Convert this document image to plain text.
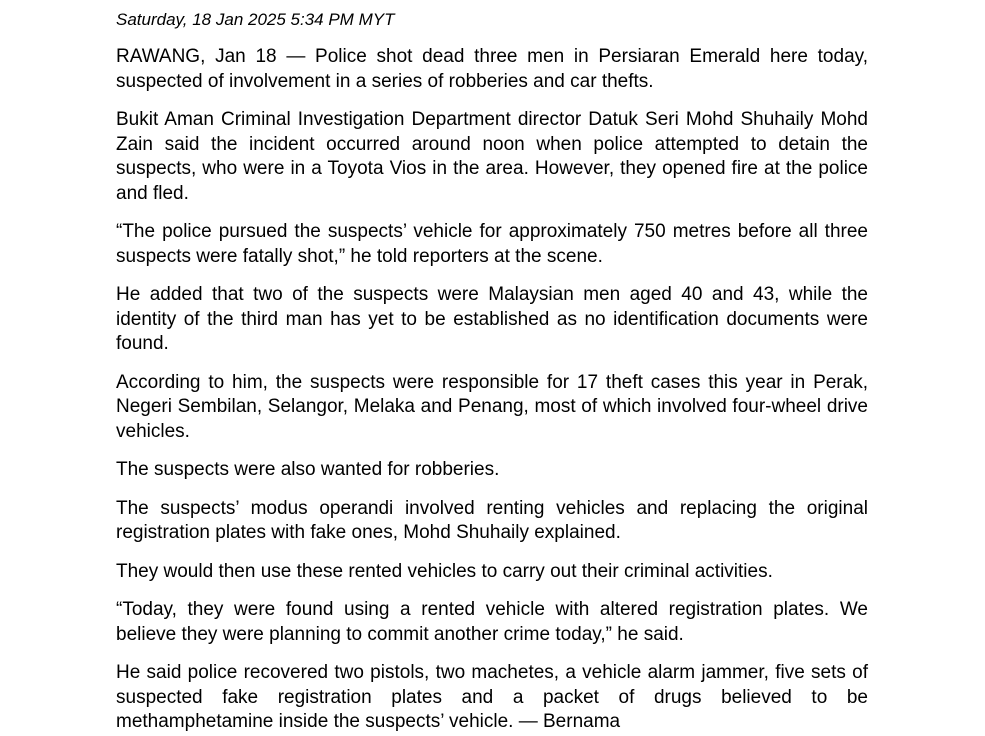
Saturday, 18 Jan 2025 5:34 PM MYT

RAWANG, Jan 18 — Police shot dead three men in Persiaran Emerald here today, suspected of involvement in a series of robberies and car thefts.

Bukit Aman Criminal Investigation Department director Datuk Seri Mohd Shuhaily Mohd Zain said the incident occurred around noon when police attempted to detain the suspects, who were in a Toyota Vios in the area. However, they opened fire at the police and fled.

“The police pursued the suspects’ vehicle for approximately 750 metres before all three suspects were fatally shot,” he told reporters at the scene.

He added that two of the suspects were Malaysian men aged 40 and 43, while the identity of the third man has yet to be established as no identification documents were found.

According to him, the suspects were responsible for 17 theft cases this year in Perak, Negeri Sembilan, Selangor, Melaka and Penang, most of which involved four-wheel drive vehicles.

The suspects were also wanted for robberies.

The suspects’ modus operandi involved renting vehicles and replacing the original registration plates with fake ones, Mohd Shuhaily explained.

They would then use these rented vehicles to carry out their criminal activities.

“Today, they were found using a rented vehicle with altered registration plates. We believe they were planning to commit another crime today,” he said.

He said police recovered two pistols, two machetes, a vehicle alarm jammer, five sets of suspected fake registration plates and a packet of drugs believed to be methamphetamine inside the suspects’ vehicle. — Bernama
